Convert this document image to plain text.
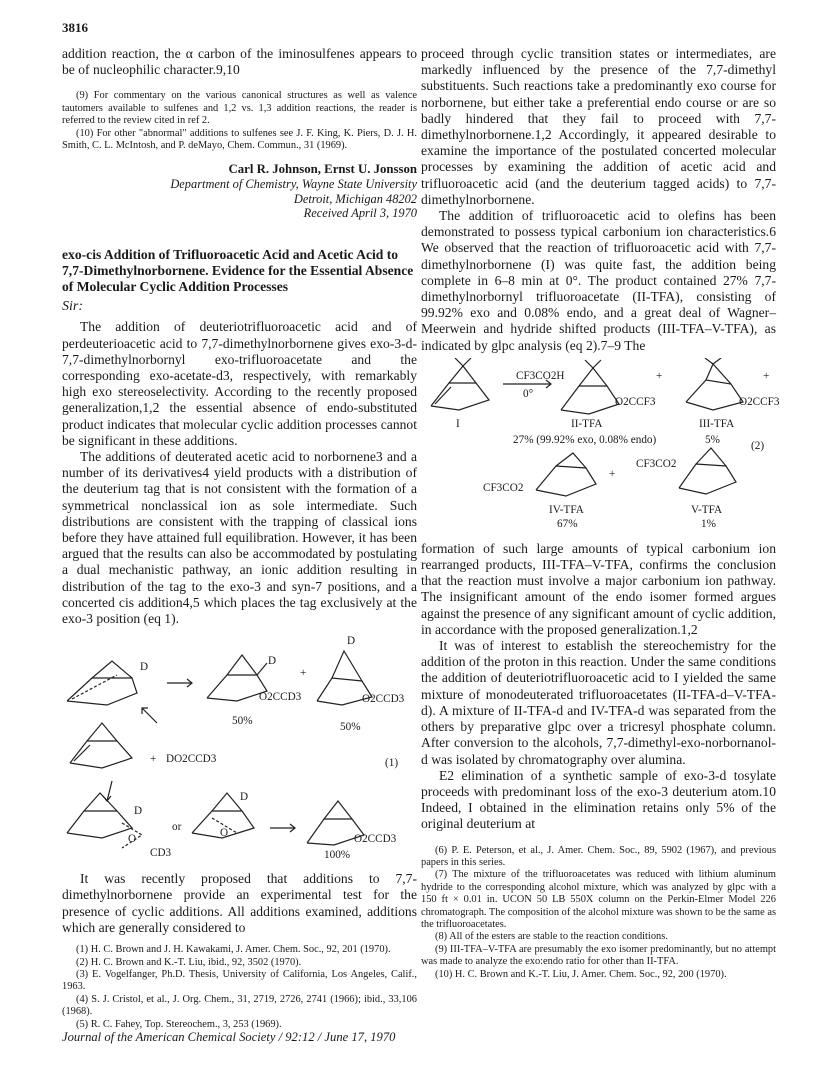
3816

addition reaction, the α carbon of the iminosulfenes appears to be of nucleophilic character.9,10

(9) For commentary on the various canonical structures as well as valence tautomers available to sulfenes and 1,2 vs. 1,3 addition reactions, the reader is referred to the review cited in ref 2.

(10) For other "abnormal" additions to sulfenes see J. F. King, K. Piers, D. J. H. Smith, C. L. McIntosh, and P. deMayo, Chem. Commun., 31 (1969).

Carl R. Johnson, Ernst U. Jonsson
Department of Chemistry, Wayne State University
Detroit, Michigan 48202
Received April 3, 1970

exo-cis Addition of Trifluoroacetic Acid and Acetic Acid to 7,7-Dimethylnorbornene. Evidence for the Essential Absence of Molecular Cyclic Addition Processes

Sir:

The addition of deuteriotrifluoroacetic acid and of perdeuterioacetic acid to 7,7-dimethylnorbornene gives exo-3-d-7,7-dimethylnorbornyl exo-trifluoroacetate and the corresponding exo-acetate-d3, respectively, with remarkably high exo stereoselectivity. According to the recently proposed generalization,1,2 the essential absence of endo-substituted product indicates that molecular cyclic addition processes cannot be significant in these additions.

The additions of deuterated acetic acid to norbornene3 and a number of its derivatives4 yield products with a distribution of the deuterium tag that is not consistent with the formation of a symmetrical nonclassical ion as sole intermediate. Such distributions are consistent with the trapping of classical ions before they have attained full equilibration. However, it has been argued that the results can also be accommodated by postulating a dual mechanistic pathway, an ionic addition resulting in distribution of the tag to the exo-3 and syn-7 positions, and a concerted cis addition4,5 which places the tag exclusively at the exo-3 position (eq 1).

D	D
D
O2CCD3	O2CCD3
+
50%	50%
+ DO2CCD3	(1)
D
D
or
O	O
CD3
O2CCD3
100%

It was recently proposed that additions to 7,7-dimethylnorbornene provide an experimental test for the presence of cyclic additions. All additions examined, additions which are generally considered to

(1) H. C. Brown and J. H. Kawakami, J. Amer. Chem. Soc., 92, 201 (1970).

(2) H. C. Brown and K.-T. Liu, ibid., 92, 3502 (1970).

(3) E. Vogelfanger, Ph.D. Thesis, University of California, Los Angeles, Calif., 1963.

(4) S. J. Cristol, et al., J. Org. Chem., 31, 2719, 2726, 2741 (1966); ibid., 33,106 (1968).

(5) R. C. Fahey, Top. Stereochem., 3, 253 (1969).

proceed through cyclic transition states or intermediates, are markedly influenced by the presence of the 7,7-dimethyl substituents. Such reactions take a predominantly exo course for norbornene, but either take a preferential endo course or are so badly hindered that they fail to proceed with 7,7-dimethylnorbornene.1,2 Accordingly, it appeared desirable to examine the importance of the postulated concerted molecular processes by examining the addition of acetic acid and trifluoroacetic acid (and the deuterium tagged acids) to 7,7-dimethylnorbornene.

The addition of trifluoroacetic acid to olefins has been demonstrated to possess typical carbonium ion characteristics.6 We observed that the reaction of trifluoroacetic acid with 7,7-dimethylnorbornene (I) was quite fast, the addition being complete in 6–8 min at 0°. The product contained 27% 7,7-dimethylnorbornyl trifluoroacetate (II-TFA), consisting of 99.92% exo and 0.08% endo, and a great deal of Wagner–Meerwein and hydride shifted products (III-TFA–V-TFA), as indicated by glpc analysis (eq 2).7–9 The

CF3CO2H
0°
O2CCF3
+
O2CCF3
+
I	II-TFA	III-TFA
27% (99.92% exo, 0.08% endo)	5%	(2)
CF3CO2
+
CF3CO2
IV-TFA	V-TFA
67%	1%

formation of such large amounts of typical carbonium ion rearranged products, III-TFA–V-TFA, confirms the conclusion that the reaction must involve a major carbonium ion pathway. The insignificant amount of the endo isomer formed argues against the presence of any significant amount of cyclic addition, in accordance with the proposed generalization.1,2

It was of interest to establish the stereochemistry for the addition of the proton in this reaction. Under the same conditions the addition of deuteriotrifluoroacetic acid to I yielded the same mixture of monodeuterated trifluoroacetates (II-TFA-d–V-TFA-d). A mixture of II-TFA-d and IV-TFA-d was separated from the others by preparative glpc over a tricresyl phosphate column. After conversion to the alcohols, 7,7-dimethyl-exo-norbornanol-d was isolated by chromatography over alumina.

E2 elimination of a synthetic sample of exo-3-d tosylate proceeds with predominant loss of the exo-3 deuterium atom.10 Indeed, I obtained in the elimination retains only 5% of the original deuterium at

(6) P. E. Peterson, et al., J. Amer. Chem. Soc., 89, 5902 (1967), and previous papers in this series.

(7) The mixture of the trifluoroacetates was reduced with lithium aluminum hydride to the corresponding alcohol mixture, which was analyzed by glpc with a 150 ft × 0.01 in. UCON 50 LB 550X column on the Perkin-Elmer Model 226 chromatograph. The composition of the alcohol mixture was shown to be the same as the trifluoroacetates.

(8) All of the esters are stable to the reaction conditions.

(9) III-TFA–V-TFA are presumably the exo isomer predominantly, but no attempt was made to analyze the exo:endo ratio for other than II-TFA.

(10) H. C. Brown and K.-T. Liu, J. Amer. Chem. Soc., 92, 200 (1970).

Journal of the American Chemical Society / 92:12 / June 17, 1970
